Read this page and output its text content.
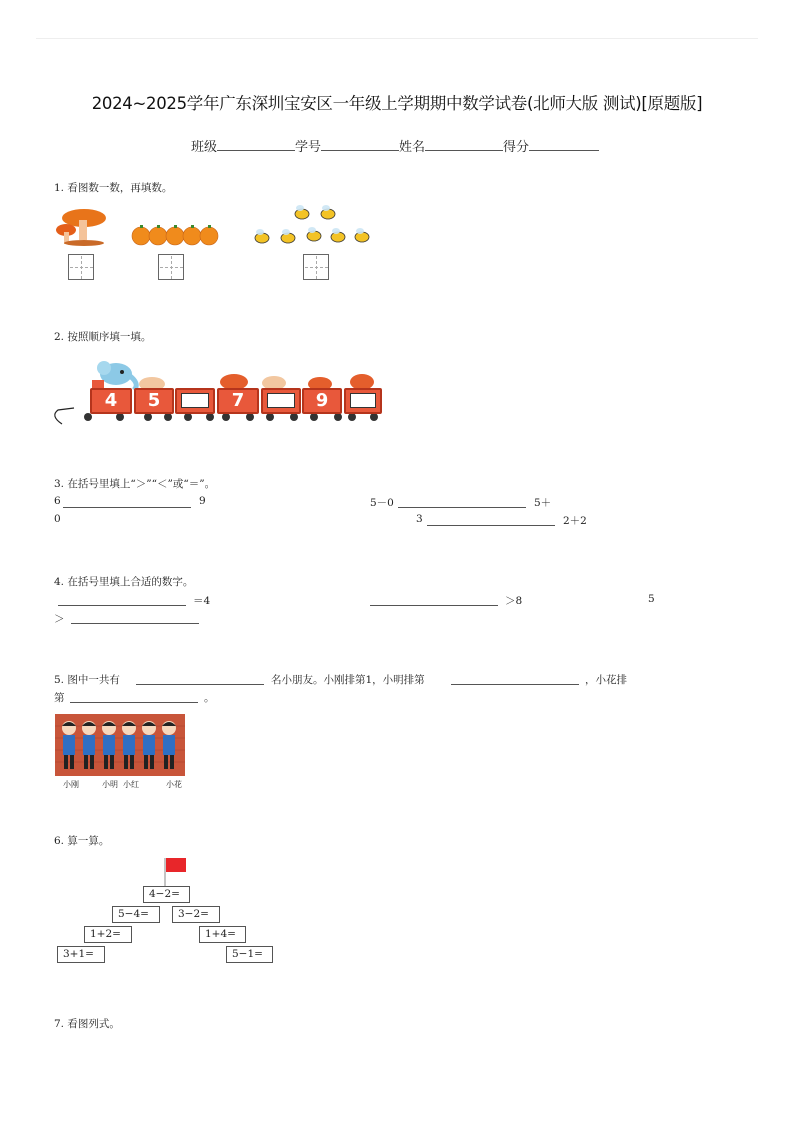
2024~2025学年广东深圳宝安区一年级上学期期中数学试卷(北师大版 测试)[原题版]
班级	学号	姓名	得分
1. 看图数一数，再填数。
2. 按照顺序填一填。
4	5	7	9
3. 在括号里填上“＞”“＜”或“＝”。
6	9	5－0	5＋
0	3	2＋2
4. 在括号里填上合适的数字。
＝4	＞8	5
＞
5. 图中一共有	名小朋友。小刚排第1，小明排第	，小花排
第	。
小刚	小明 小红	小花
6. 算一算。
4−2=
5−4=	3−2=
1+2=	1+4=
3+1=	5−1=
7. 看图列式。
